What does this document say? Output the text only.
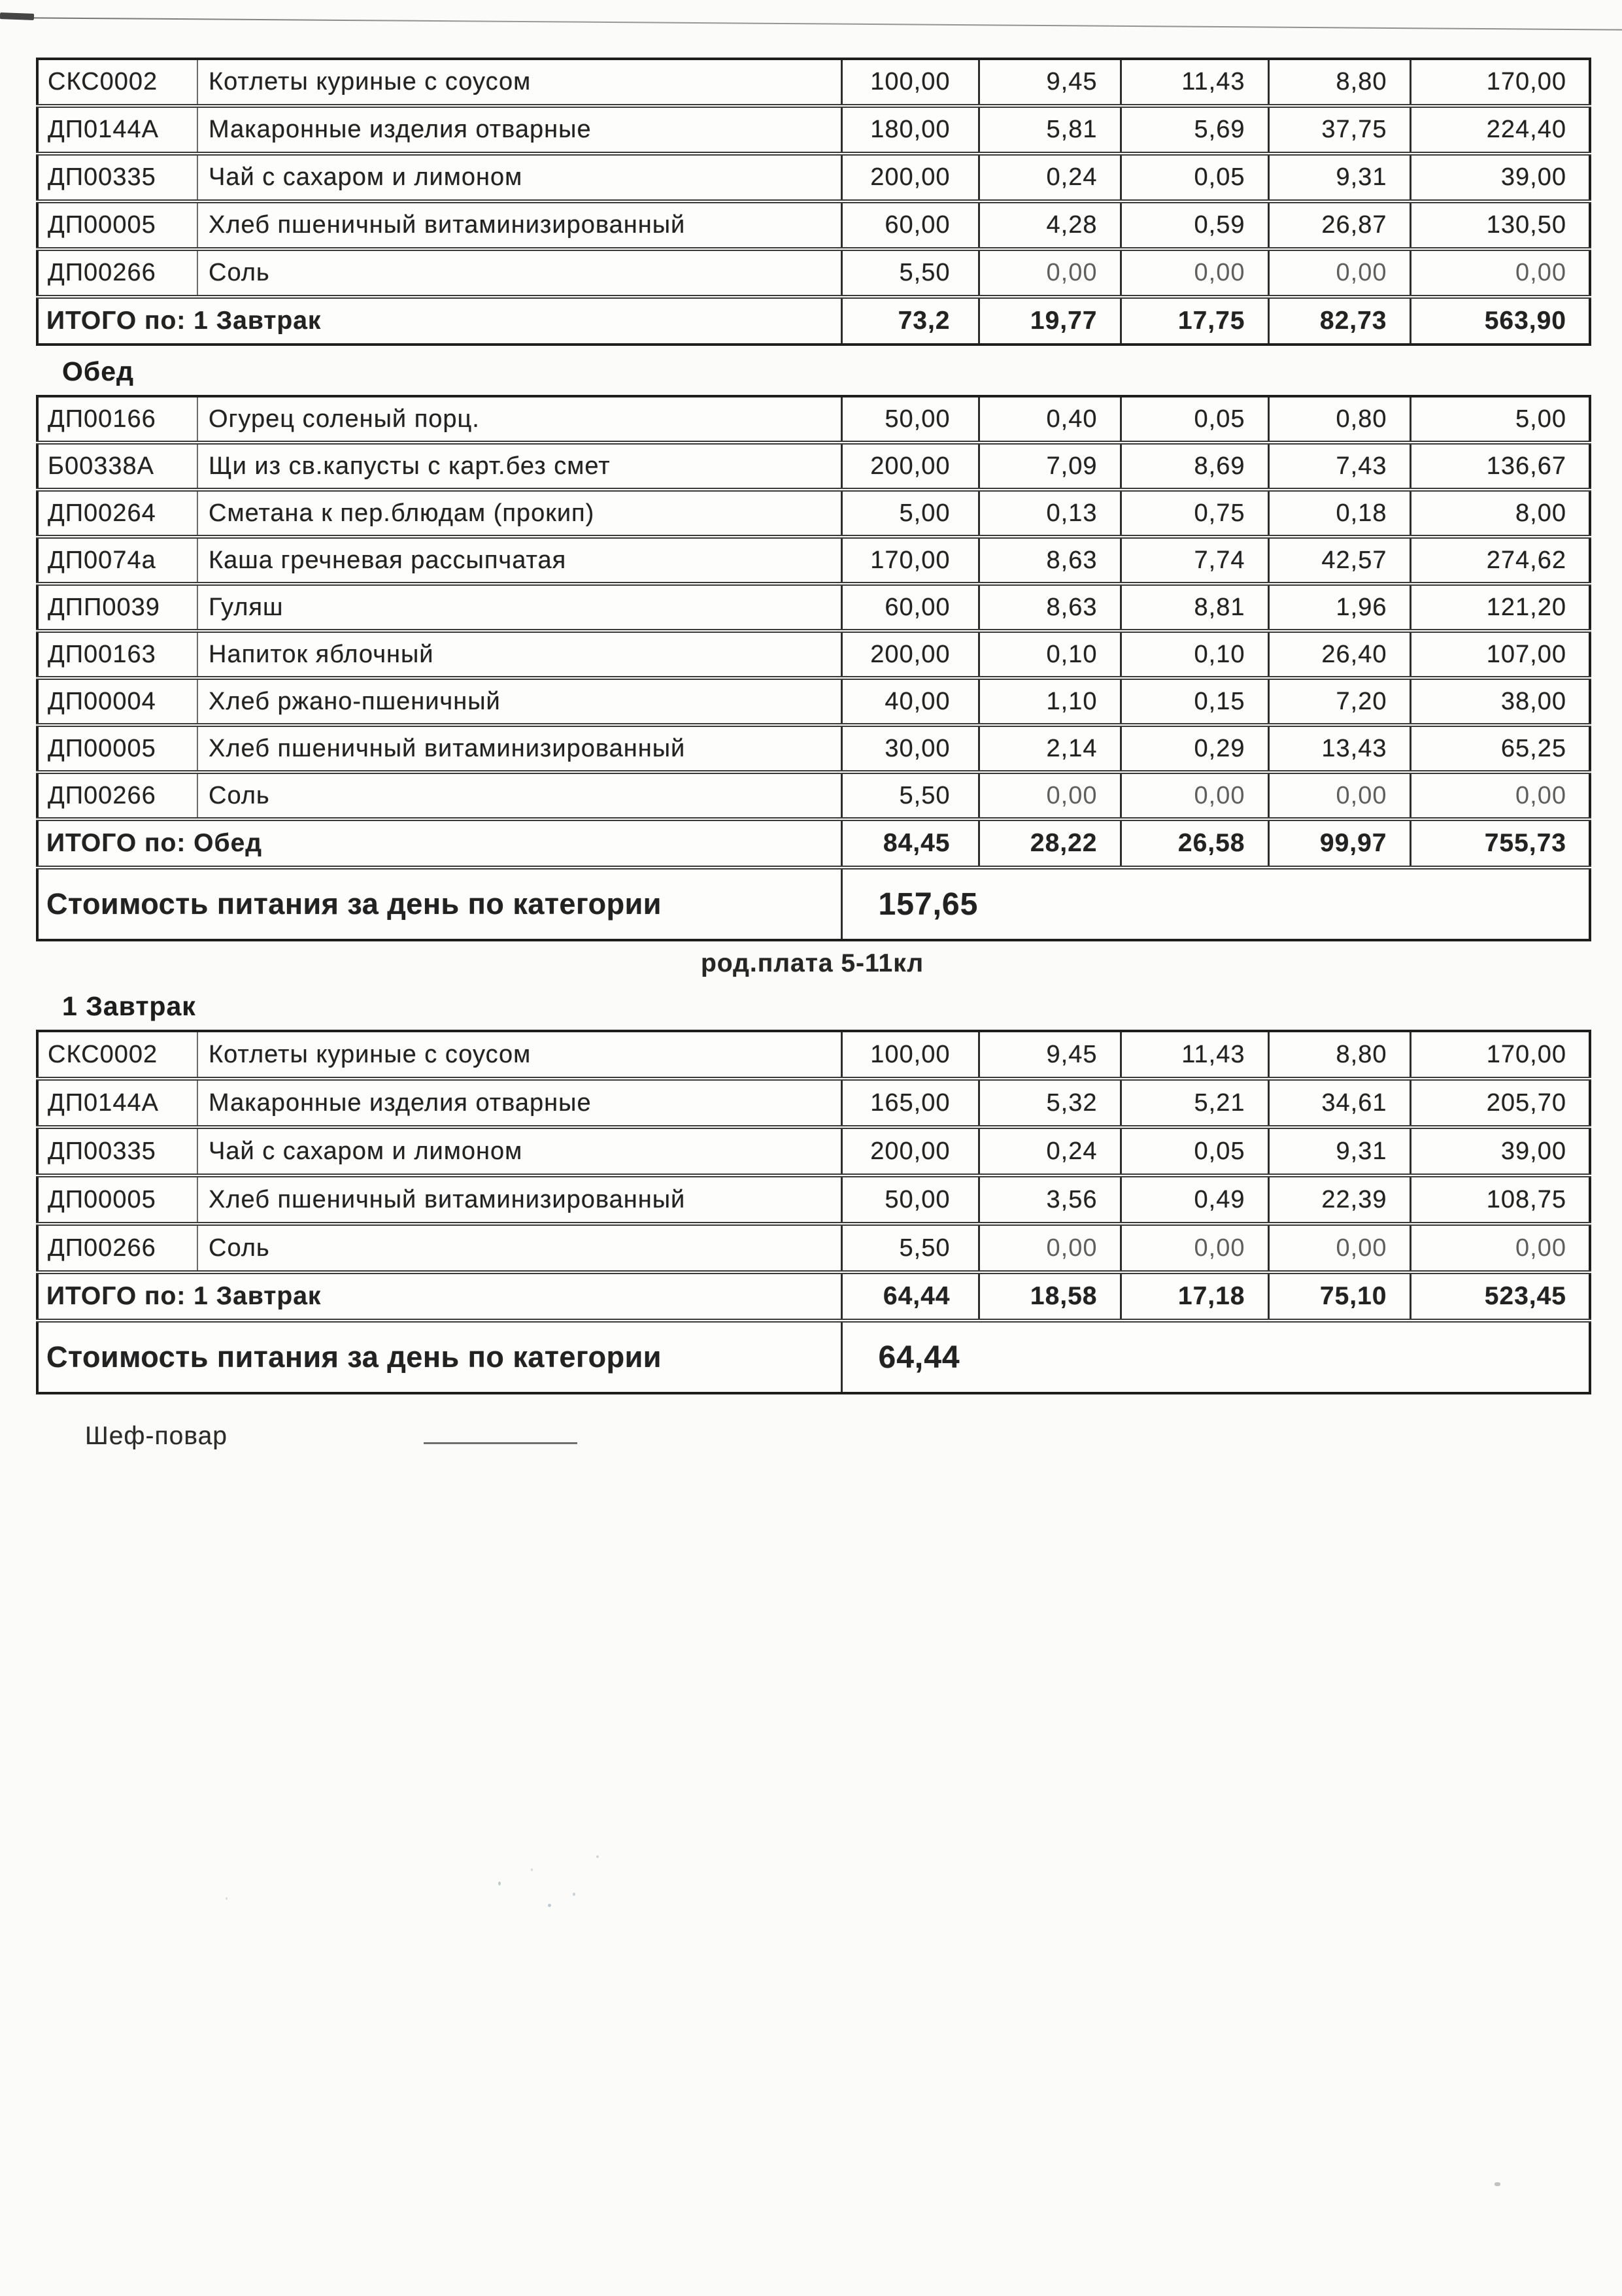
СКС0002	Котлеты куриные с соусом	100,00	9,45	11,43	8,80	170,00
ДП0144А	Макаронные изделия отварные	180,00	5,81	5,69	37,75	224,40
ДП00335	Чай с сахаром и лимоном	200,00	0,24	0,05	9,31	39,00
ДП00005	Хлеб пшеничный витаминизированный	60,00	4,28	0,59	26,87	130,50
ДП00266	Соль	5,50	0,00	0,00	0,00	0,00
ИТОГО по: 1 Завтрак		73,2	19,77	17,75	82,73	563,90
Обед
ДП00166	Огурец соленый порц.	50,00	0,40	0,05	0,80	5,00
Б00338А	Щи из св.капусты с карт.без смет	200,00	7,09	8,69	7,43	136,67
ДП00264	Сметана к пер.блюдам (прокип)	5,00	0,13	0,75	0,18	8,00
ДП0074а	Каша гречневая рассыпчатая	170,00	8,63	7,74	42,57	274,62
ДПП0039	Гуляш	60,00	8,63	8,81	1,96	121,20
ДП00163	Напиток яблочный	200,00	0,10	0,10	26,40	107,00
ДП00004	Хлеб ржано-пшеничный	40,00	1,10	0,15	7,20	38,00
ДП00005	Хлеб пшеничный витаминизированный	30,00	2,14	0,29	13,43	65,25
ДП00266	Соль	5,50	0,00	0,00	0,00	0,00
ИТОГО по: Обед		84,45	28,22	26,58	99,97	755,73
Стоимость питания за день по категории		157,65				
род.плата 5-11кл
1 Завтрак
СКС0002	Котлеты куриные с соусом	100,00	9,45	11,43	8,80	170,00
ДП0144А	Макаронные изделия отварные	165,00	5,32	5,21	34,61	205,70
ДП00335	Чай с сахаром и лимоном	200,00	0,24	0,05	9,31	39,00
ДП00005	Хлеб пшеничный витаминизированный	50,00	3,56	0,49	22,39	108,75
ДП00266	Соль	5,50	0,00	0,00	0,00	0,00
ИТОГО по: 1 Завтрак		64,44	18,58	17,18	75,10	523,45
Стоимость питания за день по категории		64,44				
Шеф-повар
